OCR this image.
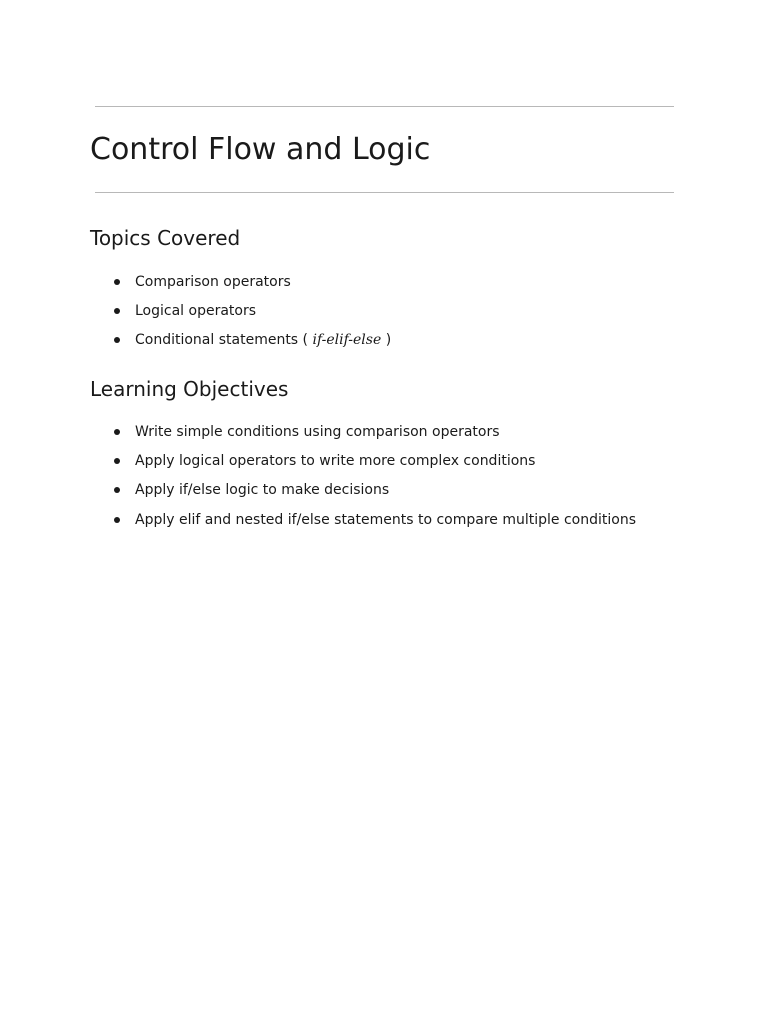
Control Flow and Logic
Topics Covered
Comparison operators
Logical operators
Conditional statements ( if-elif-else )
Learning Objectives
Write simple conditions using comparison operators
Apply logical operators to write more complex conditions
Apply if/else logic to make decisions
Apply elif and nested if/else statements to compare multiple conditions
